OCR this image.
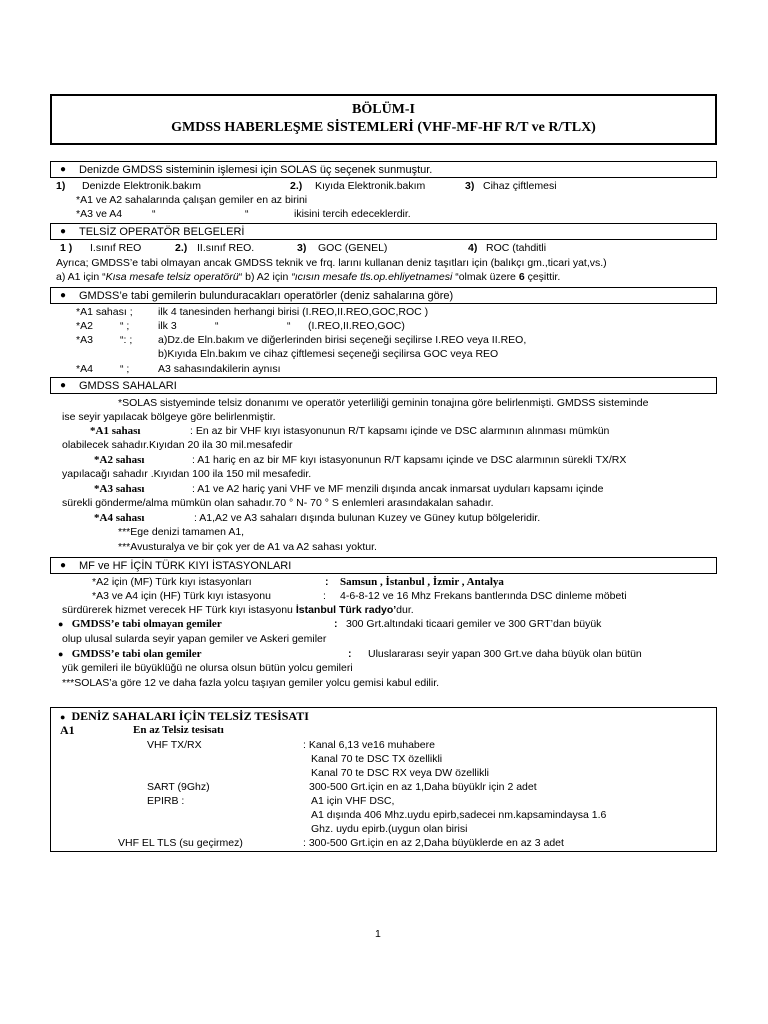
BÖLÜM-I
GMDSS HABERLEŞME SİSTEMLERİ (VHF-MF-HF R/T ve R/TLX)
●	Denizde GMDSS sisteminin işlemesi için SOLAS üç seçenek sunmuştur.
1) Denizde Elektronik.bakım	2.) Kıyıda Elektronik.bakım	3) Cihaz çiftlemesi
*A1 ve A2 sahalarında çalışan gemiler en az birini
*A3 ve A4	“	“	ikisini tercih edeceklerdir.
●	TELSİZ OPERATÖR BELGELERİ
1 ) I.sınıf REO	2.) II.sınıf REO.	3) GOC (GENEL)	4) ROC (tahditli
Ayrıca; GMDSS’e tabi olmayan ancak GMDSS teknik ve frq. larını kullanan deniz taşıtları için (balıkçı gm.,ticari yat,vs.)
a) A1 için “Kısa mesafe telsiz operatörü“ b) A2 için “ıcısın mesafe tls.op.ehliyetnamesi “olmak üzere 6 çeşittir.
●	GMDSS’e tabi gemilerin bulunduracakları operatörler (deniz sahalarına göre)
*A1 sahası ; ilk 4 tanesinden herhangi birisi (I.REO,II.REO,GOC,ROC )
*A2	“ ;	ilk 3	“	“ (I.REO,II.REO,GOC)
*A3	“: ; a)Dz.de Eln.bakım ve diğerlerinden birisi seçeneği seçilirse I.REO veya II.REO,
b)Kıyıda Eln.bakım ve cihaz çiftlemesi seçeneği seçilirsa GOC veya REO
*A4	“ ;	A3 sahasındakilerin aynısı
●	GMDSS SAHALARI
*SOLAS sistyeminde telsiz donanımı ve operatör yeterliliği geminin tonajına göre belirlenmişti. GMDSS sisteminde
ise seyir yapılacak bölgeye göre belirlenmiştir.
*A1 sahası	: En az bir VHF kıyı istasyonunun R/T kapsamı içinde ve DSC alarmının alınması mümkün
olabilecek sahadır.Kıyıdan 20 ila 30 mil.mesafedir
*A2 sahası	: A1 hariç en az bir MF kıyı istasyonunun R/T kapsamı içinde ve DSC alarmının sürekli TX/RX
yapılacağı sahadır .Kıyıdan 100 ila 150 mil mesafedir.
*A3 sahası	: A1 ve A2 hariç yani VHF ve MF menzili dışında ancak inmarsat uyduları kapsamı içinde
sürekli gönderme/alma mümkün olan sahadır.70 ° N- 70 ° S enlemleri arasındakalan sahadır.
*A4 sahası	: A1,A2 ve A3 sahaları dışında bulunan Kuzey ve Güney kutup bölgeleridir.
***Ege denizi tamamen A1,
***Avusturalya ve bir çok yer de A1 va A2 sahası yoktur.
●	MF ve HF İÇİN TÜRK KIYI İSTASYONLARI
*A2 için (MF) Türk kıyı istasyonları	: Samsun , İstanbul , İzmir , Antalya
*A3 ve A4 için (HF) Türk kıyı istasyonu	: 4-6-8-12 ve 16 Mhz Frekans bantlerında DSC dinleme möbeti
sürdürerek hizmet verecek HF Türk kıyı istasyonu İstanbul Türk radyo’dur.
● GMDSS’e tabi olmayan gemiler	: 300 Grt.altındaki ticaari gemiler ve 300 GRT’dan büyük
olup ulusal sularda seyir yapan gemiler ve Askeri gemiler
● GMDSS’e tabi olan gemiler	: Uluslararası seyir yapan 300 Grt.ve daha büyük olan bütün
yük gemileri ile büyüklüğü ne olursa olsun bütün yolcu gemileri
***SOLAS’a göre 12 ve daha fazla yolcu taşıyan gemiler yolcu gemisi kabul edilir.
● DENİZ SAHALARI İÇİN TELSİZ TESİSATI
A1	En az Telsiz tesisatı
VHF TX/RX	: Kanal 6,13 ve16 muhabere
Kanal 70 te DSC TX özellikli
Kanal 70 te DSC RX veya DW özellikli
SART (9Ghz)	300-500 Grt.için en az 1,Daha büyüklr için 2 adet
EPIRB :	A1 için VHF DSC,
A1 dışında 406 Mhz.uydu epirb,sadecei nm.kapsamindaysa 1.6
Ghz. uydu epirb.(uygun olan birisi
VHF EL TLS (su geçirmez)	: 300-500 Grt.için en az 2,Daha büyüklerde en az 3 adet
1
